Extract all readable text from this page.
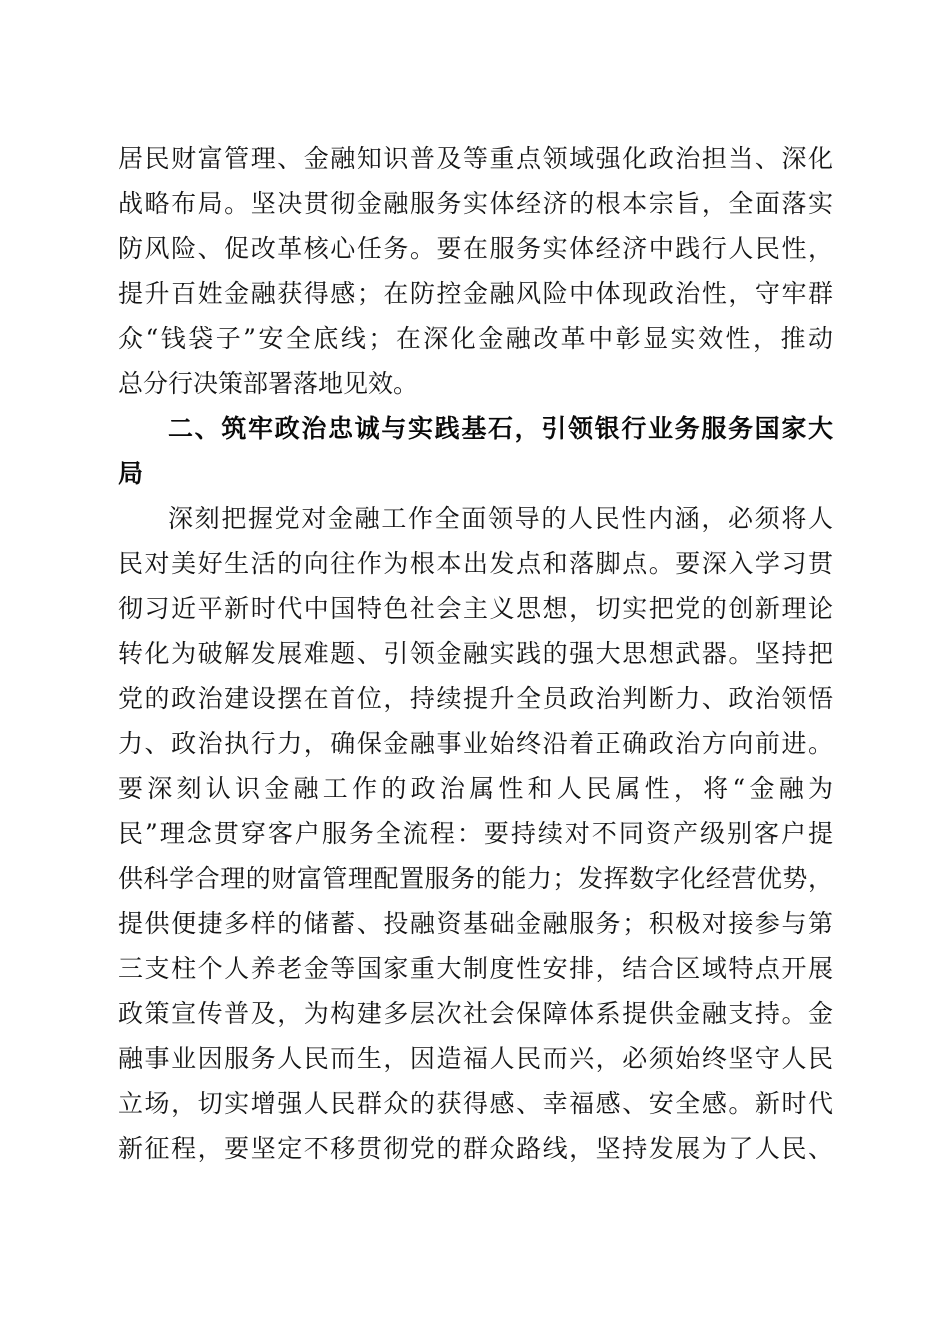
居民财富管理、金融知识普及等重点领域强化政治担当、深化
战略布局。坚决贯彻金融服务实体经济的根本宗旨，全面落实
防风险、促改革核心任务。要在服务实体经济中践行人民性，
提升百姓金融获得感；在防控金融风险中体现政治性，守牢群
众“钱袋子”安全底线；在深化金融改革中彰显实效性，推动
总分行决策部署落地见效。
二、筑牢政治忠诚与实践基石，引领银行业务服务国家大
局
深刻把握党对金融工作全面领导的人民性内涵，必须将人
民对美好生活的向往作为根本出发点和落脚点。要深入学习贯
彻习近平新时代中国特色社会主义思想，切实把党的创新理论
转化为破解发展难题、引领金融实践的强大思想武器。坚持把
党的政治建设摆在首位，持续提升全员政治判断力、政治领悟
力、政治执行力，确保金融事业始终沿着正确政治方向前进。
要深刻认识金融工作的政治属性和人民属性，将“金融为
民”理念贯穿客户服务全流程：要持续对不同资产级别客户提
供科学合理的财富管理配置服务的能力；发挥数字化经营优势，
提供便捷多样的储蓄、投融资基础金融服务；积极对接参与第
三支柱个人养老金等国家重大制度性安排，结合区域特点开展
政策宣传普及，为构建多层次社会保障体系提供金融支持。金
融事业因服务人民而生，因造福人民而兴，必须始终坚守人民
立场，切实增强人民群众的获得感、幸福感、安全感。新时代
新征程，要坚定不移贯彻党的群众路线，坚持发展为了人民、
